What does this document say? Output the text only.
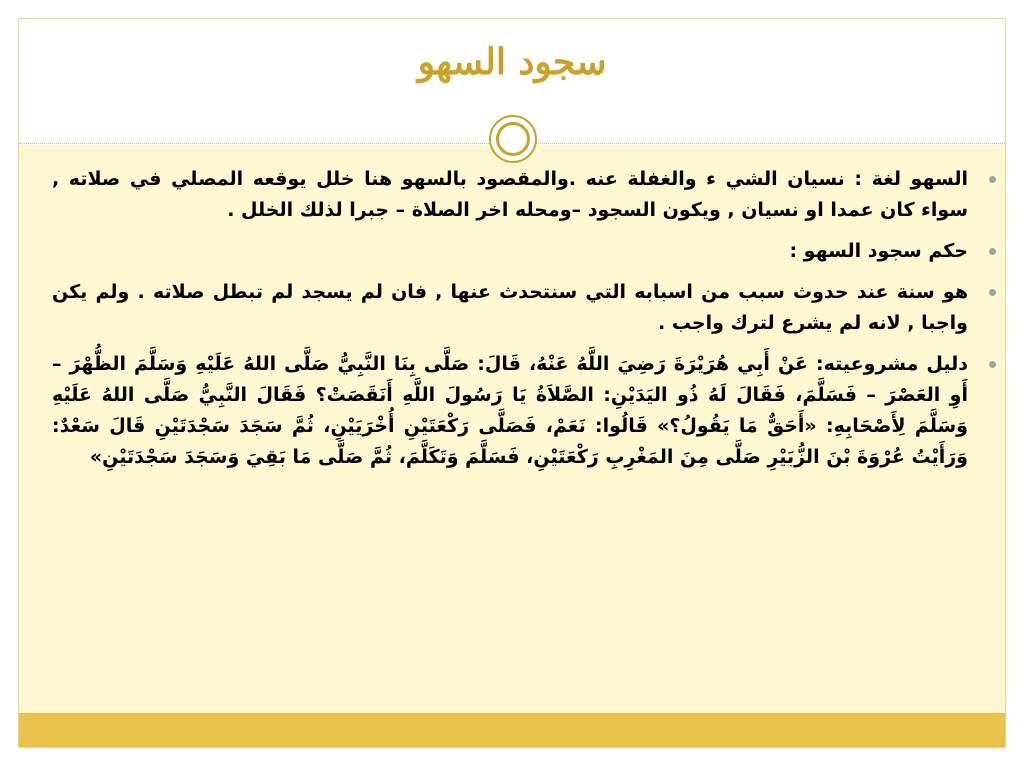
سجود السهو
السهو لغة : نسيان الشي ء والغفلة عنه .والمقصود بالسهو هنا خلل يوقعه المصلي في صلاته , سواء كان عمدا او نسيان , ويكون السجود –ومحله اخر الصلاة – جبرا لذلك الخلل .
حكم سجود السهو :
هو سنة عند حدوث سبب من اسبابه التي سنتحدث عنها , فان لم يسجد لم تبطل صلاته . ولم يكن واجبا , لانه لم يشرع لترك واجب .
دليل مشروعيته: عَنْ أَبِي هُرَيْرَةَ رَضِيَ اللَّهُ عَنْهُ، قَالَ: صَلَّى بِنَا النَّبِيُّ صَلَّى اللهُ عَلَيْهِ وَسَلَّمَ الظُّهْرَ – أَوِ العَصْرَ – فَسَلَّمَ، فَقَالَ لَهُ ذُو اليَدَيْنِ: الصَّلاَةُ يَا رَسُولَ اللَّهِ أَنَقَصَتْ؟ فَقَالَ النَّبِيُّ صَلَّى اللهُ عَلَيْهِ وَسَلَّمَ لِأَصْحَابِهِ: «أَحَقٌّ مَا يَقُولُ؟» قَالُوا: نَعَمْ، فَصَلَّى رَكْعَتَيْنِ أُخْرَيَيْنِ، ثُمَّ سَجَدَ سَجْدَتَيْنِ قَالَ سَعْدٌ: وَرَأَيْتُ عُرْوَةَ بْنَ الزُّبَيْرِ صَلَّى مِنَ المَغْرِبِ رَكْعَتَيْنِ، فَسَلَّمَ وَتَكَلَّمَ، ثُمَّ صَلَّى مَا بَقِيَ وَسَجَدَ سَجْدَتَيْنِ»
